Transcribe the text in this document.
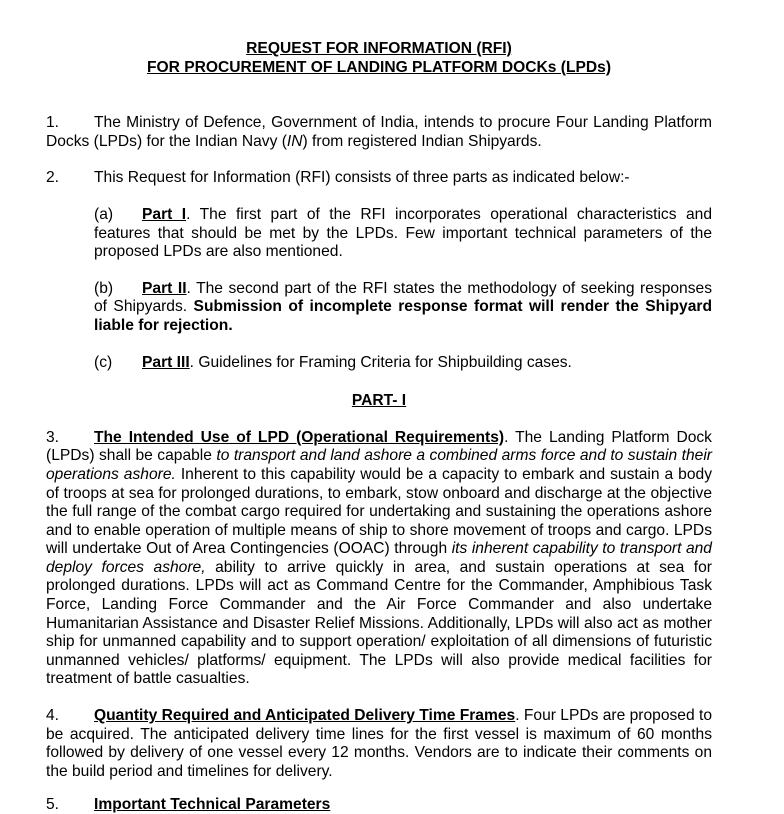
REQUEST FOR INFORMATION (RFI)
FOR PROCUREMENT OF LANDING PLATFORM DOCKs (LPDs)

1. The Ministry of Defence, Government of India, intends to procure Four Landing Platform Docks (LPDs) for the Indian Navy (IN) from registered Indian Shipyards.

2. This Request for Information (RFI) consists of three parts as indicated below:-

(a) Part I. The first part of the RFI incorporates operational characteristics and features that should be met by the LPDs. Few important technical parameters of the proposed LPDs are also mentioned.

(b) Part II. The second part of the RFI states the methodology of seeking responses of Shipyards. Submission of incomplete response format will render the Shipyard liable for rejection.

(c) Part III. Guidelines for Framing Criteria for Shipbuilding cases.

PART- I

3. The Intended Use of LPD (Operational Requirements). The Landing Platform Dock (LPDs) shall be capable to transport and land ashore a combined arms force and to sustain their operations ashore. Inherent to this capability would be a capacity to embark and sustain a body of troops at sea for prolonged durations, to embark, stow onboard and discharge at the objective the full range of the combat cargo required for undertaking and sustaining the operations ashore and to enable operation of multiple means of ship to shore movement of troops and cargo. LPDs will undertake Out of Area Contingencies (OOAC) through its inherent capability to transport and deploy forces ashore, ability to arrive quickly in area, and sustain operations at sea for prolonged durations. LPDs will act as Command Centre for the Commander, Amphibious Task Force, Landing Force Commander and the Air Force Commander and also undertake Humanitarian Assistance and Disaster Relief Missions. Additionally, LPDs will also act as mother ship for unmanned capability and to support operation/ exploitation of all dimensions of futuristic unmanned vehicles/ platforms/ equipment. The LPDs will also provide medical facilities for treatment of battle casualties.

4. Quantity Required and Anticipated Delivery Time Frames. Four LPDs are proposed to be acquired. The anticipated delivery time lines for the first vessel is maximum of 60 months followed by delivery of one vessel every 12 months. Vendors are to indicate their comments on the build period and timelines for delivery.

5. Important Technical Parameters
